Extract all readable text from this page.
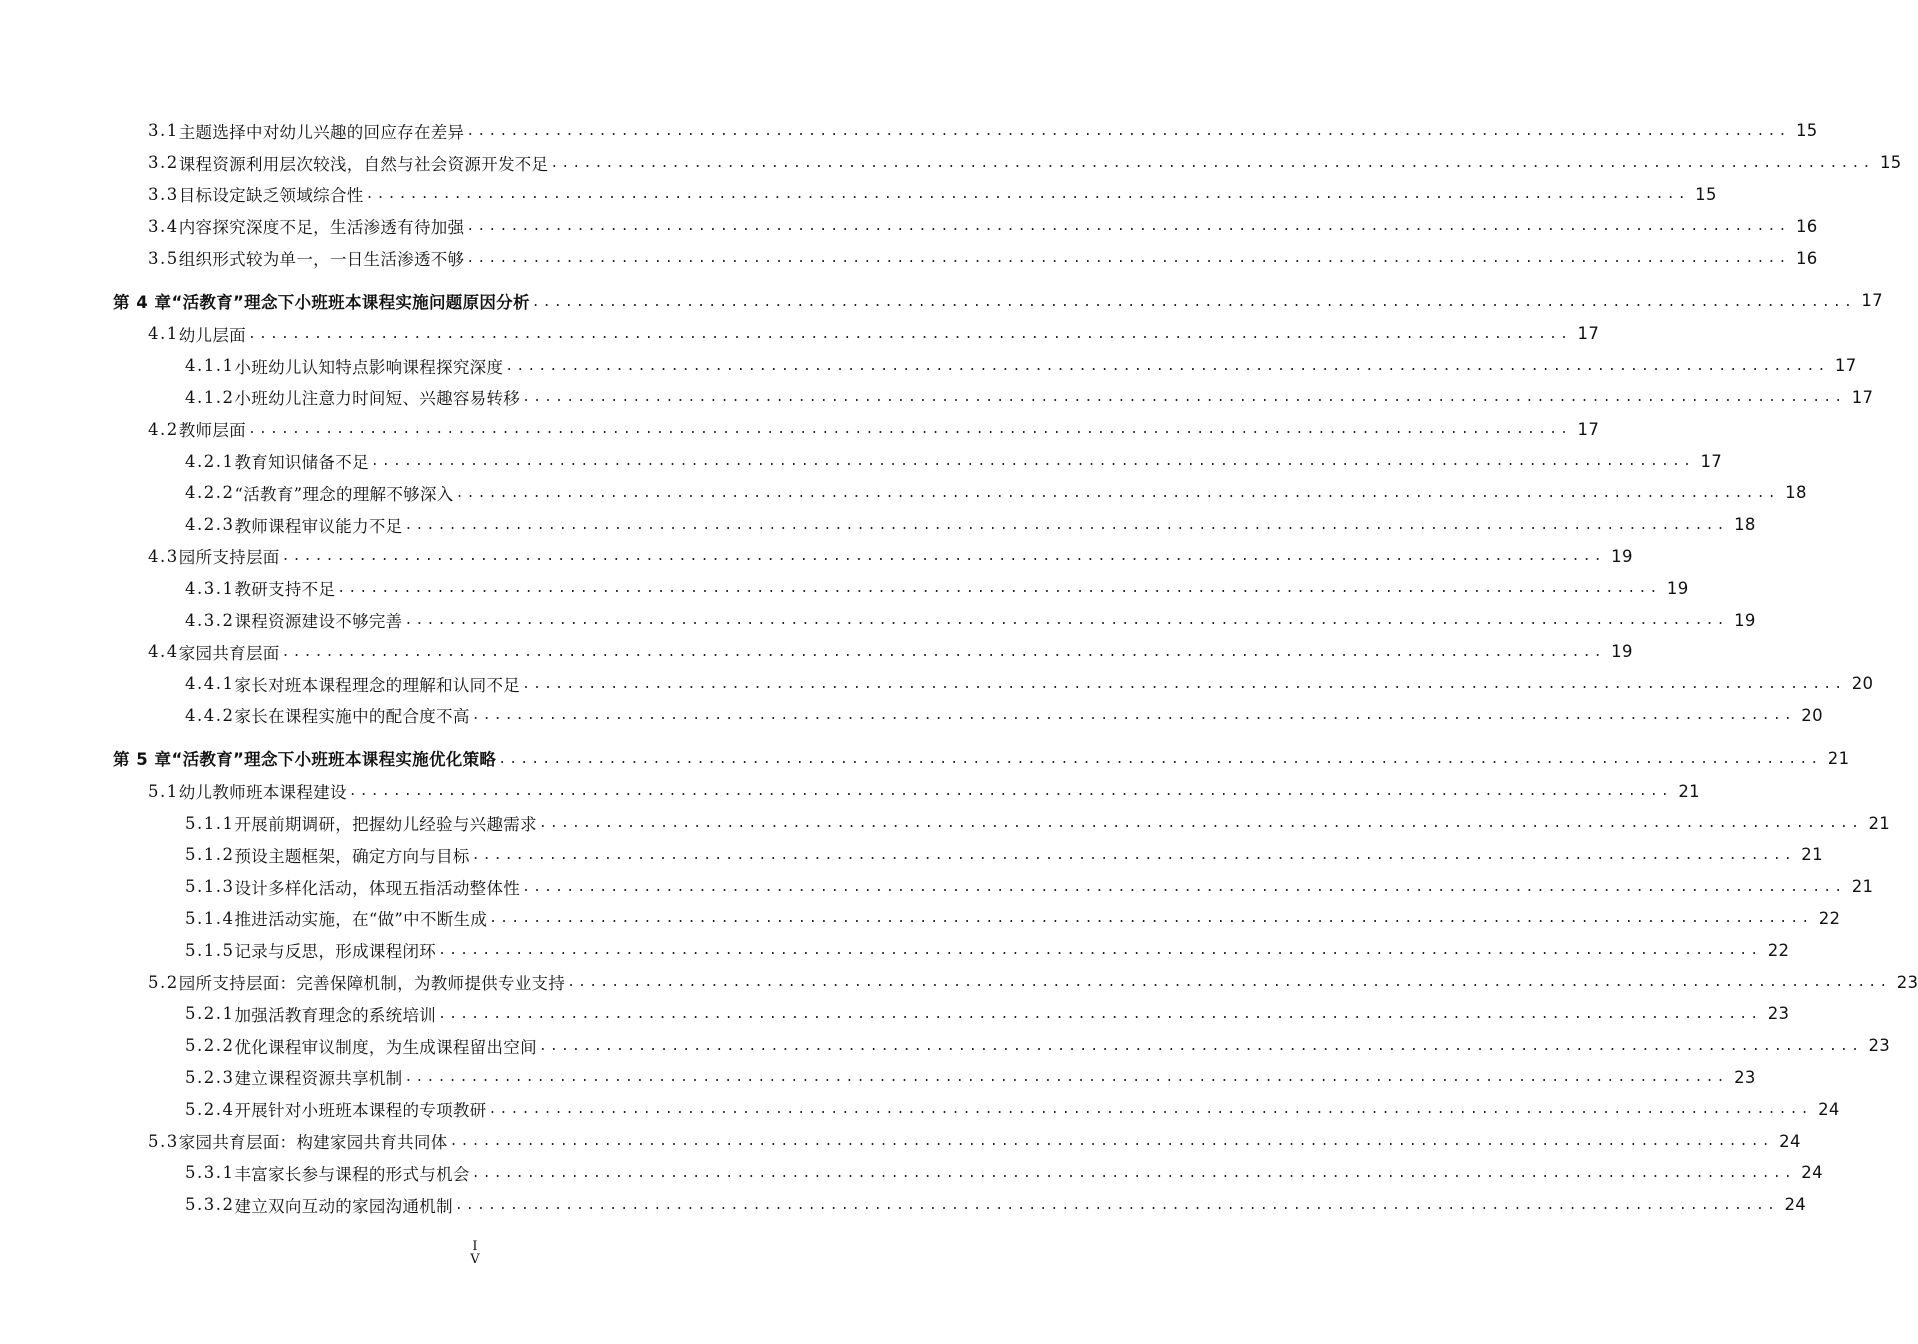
3.1 主题选择中对幼儿兴趣的回应存在差异 ........................................................................................................................ 15
3.2 课程资源利用层次较浅，自然与社会资源开发不足 ........................................................................................................................ 15
3.3 目标设定缺乏领域综合性 ........................................................................................................................ 15
3.4 内容探究深度不足，生活渗透有待加强 ........................................................................................................................ 16
3.5 组织形式较为单一，一日生活渗透不够 ........................................................................................................................ 16
第 4 章 “活教育”理念下小班班本课程实施问题原因分析 ........................................................................................................................ 17
4.1 幼儿层面 ........................................................................................................................ 17
4.1.1 小班幼儿认知特点影响课程探究深度 ........................................................................................................................ 17
4.1.2 小班幼儿注意力时间短、兴趣容易转移 ........................................................................................................................ 17
4.2 教师层面 ........................................................................................................................ 17
4.2.1 教育知识储备不足 ........................................................................................................................ 17
4.2.2 “活教育”理念的理解不够深入 ........................................................................................................................ 18
4.2.3 教师课程审议能力不足 ........................................................................................................................ 18
4.3 园所支持层面 ........................................................................................................................ 19
4.3.1 教研支持不足 ........................................................................................................................ 19
4.3.2 课程资源建设不够完善 ........................................................................................................................ 19
4.4 家园共育层面 ........................................................................................................................ 19
4.4.1 家长对班本课程理念的理解和认同不足 ........................................................................................................................ 20
4.4.2 家长在课程实施中的配合度不高 ........................................................................................................................ 20
第 5 章 “活教育”理念下小班班本课程实施优化策略 ........................................................................................................................ 21
5.1 幼儿教师班本课程建设 ........................................................................................................................ 21
5.1.1 开展前期调研，把握幼儿经验与兴趣需求 ........................................................................................................................ 21
5.1.2 预设主题框架，确定方向与目标 ........................................................................................................................ 21
5.1.3 设计多样化活动，体现五指活动整体性 ........................................................................................................................ 21
5.1.4 推进活动实施，在“做”中不断生成 ........................................................................................................................ 22
5.1.5 记录与反思，形成课程闭环 ........................................................................................................................ 22
5.2 园所支持层面：完善保障机制，为教师提供专业支持 ........................................................................................................................ 23
5.2.1 加强活教育理念的系统培训 ........................................................................................................................ 23
5.2.2 优化课程审议制度，为生成课程留出空间 ........................................................................................................................ 23
5.2.3 建立课程资源共享机制 ........................................................................................................................ 23
5.2.4 开展针对小班班本课程的专项教研 ........................................................................................................................ 24
5.3 家园共育层面：构建家园共育共同体 ........................................................................................................................ 24
5.3.1 丰富家长参与课程的形式与机会 ........................................................................................................................ 24
5.3.2 建立双向互动的家园沟通机制 ........................................................................................................................ 24
I
V
